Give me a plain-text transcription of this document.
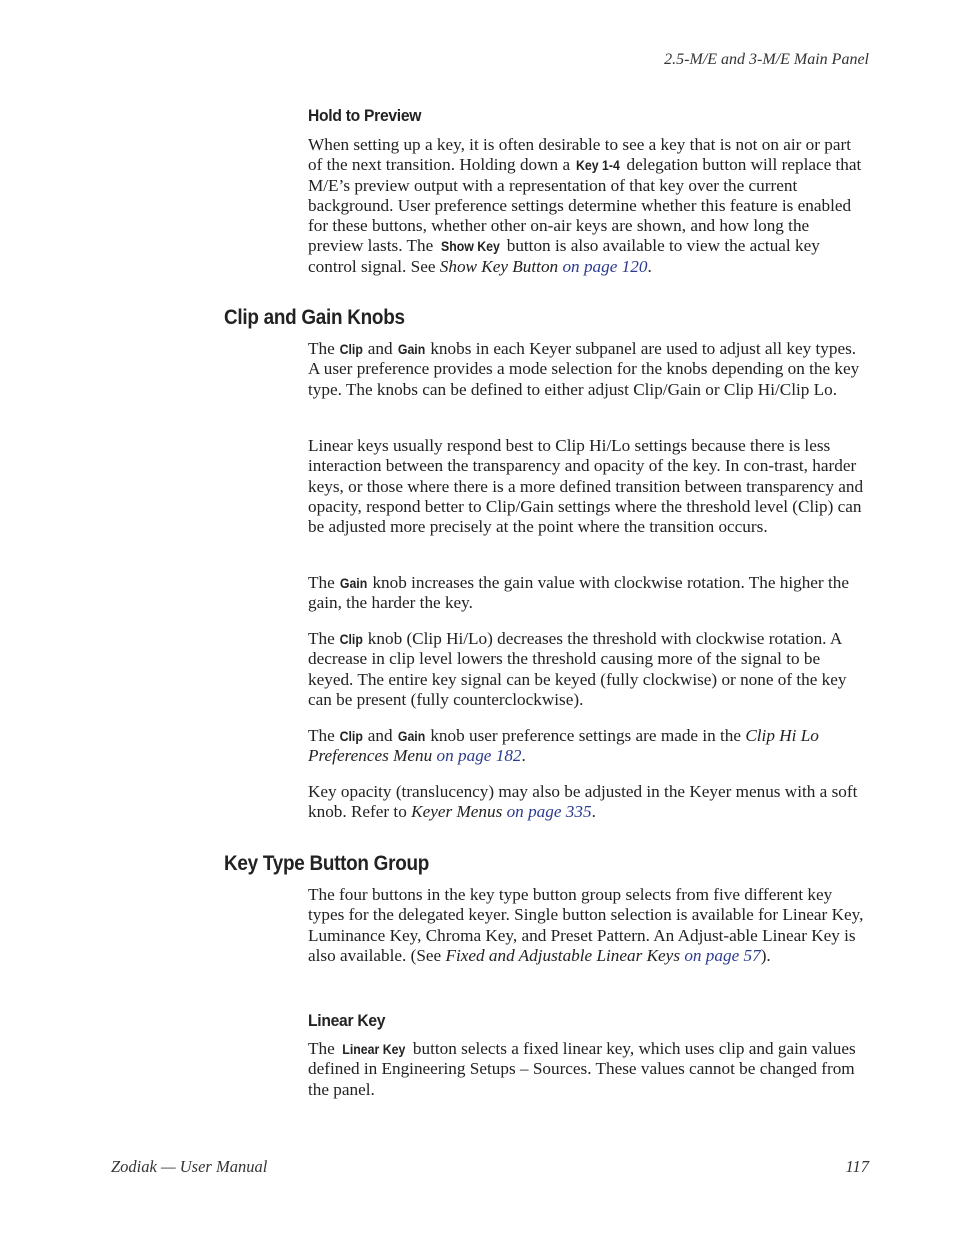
2.5-M/E and 3-M/E Main Panel
Hold to Preview

When setting up a key, it is often desirable to see a key that is not on air or part of the next transition. Holding down a Key 1-4 delegation button will replace that M/E’s preview output with a representation of that key over the current background. User preference settings determine whether this feature is enabled for these buttons, whether other on-air keys are shown, and how long the preview lasts. The Show Key button is also available to view the actual key control signal. See Show Key Button on page 120.

Clip and Gain Knobs

The Clip and Gain knobs in each Keyer subpanel are used to adjust all key types. A user preference provides a mode selection for the knobs depending on the key type. The knobs can be defined to either adjust Clip/Gain or Clip Hi/Clip Lo.

Linear keys usually respond best to Clip Hi/Lo settings because there is less interaction between the transparency and opacity of the key. In con-trast, harder keys, or those where there is a more defined transition between transparency and opacity, respond better to Clip/Gain settings where the threshold level (Clip) can be adjusted more precisely at the point where the transition occurs.

The Gain knob increases the gain value with clockwise rotation. The higher the gain, the harder the key.

The Clip knob (Clip Hi/Lo) decreases the threshold with clockwise rotation. A decrease in clip level lowers the threshold causing more of the signal to be keyed. The entire key signal can be keyed (fully clockwise) or none of the key can be present (fully counterclockwise).

The Clip and Gain knob user preference settings are made in the Clip Hi Lo Preferences Menu on page 182.

Key opacity (translucency) may also be adjusted in the Keyer menus with a soft knob. Refer to Keyer Menus on page 335.

Key Type Button Group

The four buttons in the key type button group selects from five different key types for the delegated keyer. Single button selection is available for Linear Key, Luminance Key, Chroma Key, and Preset Pattern. An Adjust-able Linear Key is also available. (See Fixed and Adjustable Linear Keys on page 57).

Linear Key

The Linear Key button selects a fixed linear key, which uses clip and gain values defined in Engineering Setups – Sources. These values cannot be changed from the panel.

Zodiak — User Manual	117
